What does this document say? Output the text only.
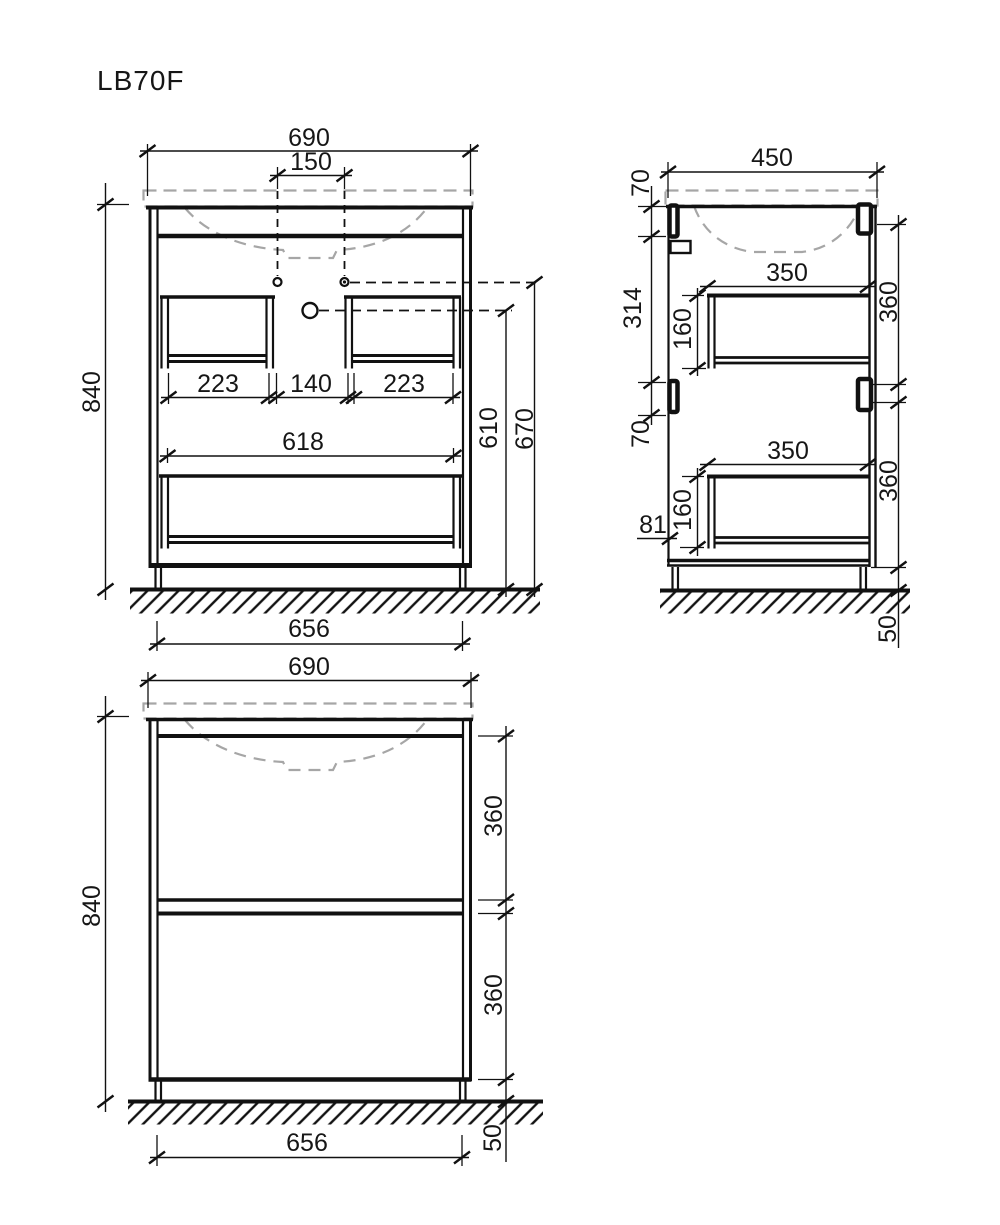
LB70F
690
150
840	223 140 223
618	610 670
656
450
70
314
70
160
350
360
360
50
350
160
81
690
840
360
360
50
656
